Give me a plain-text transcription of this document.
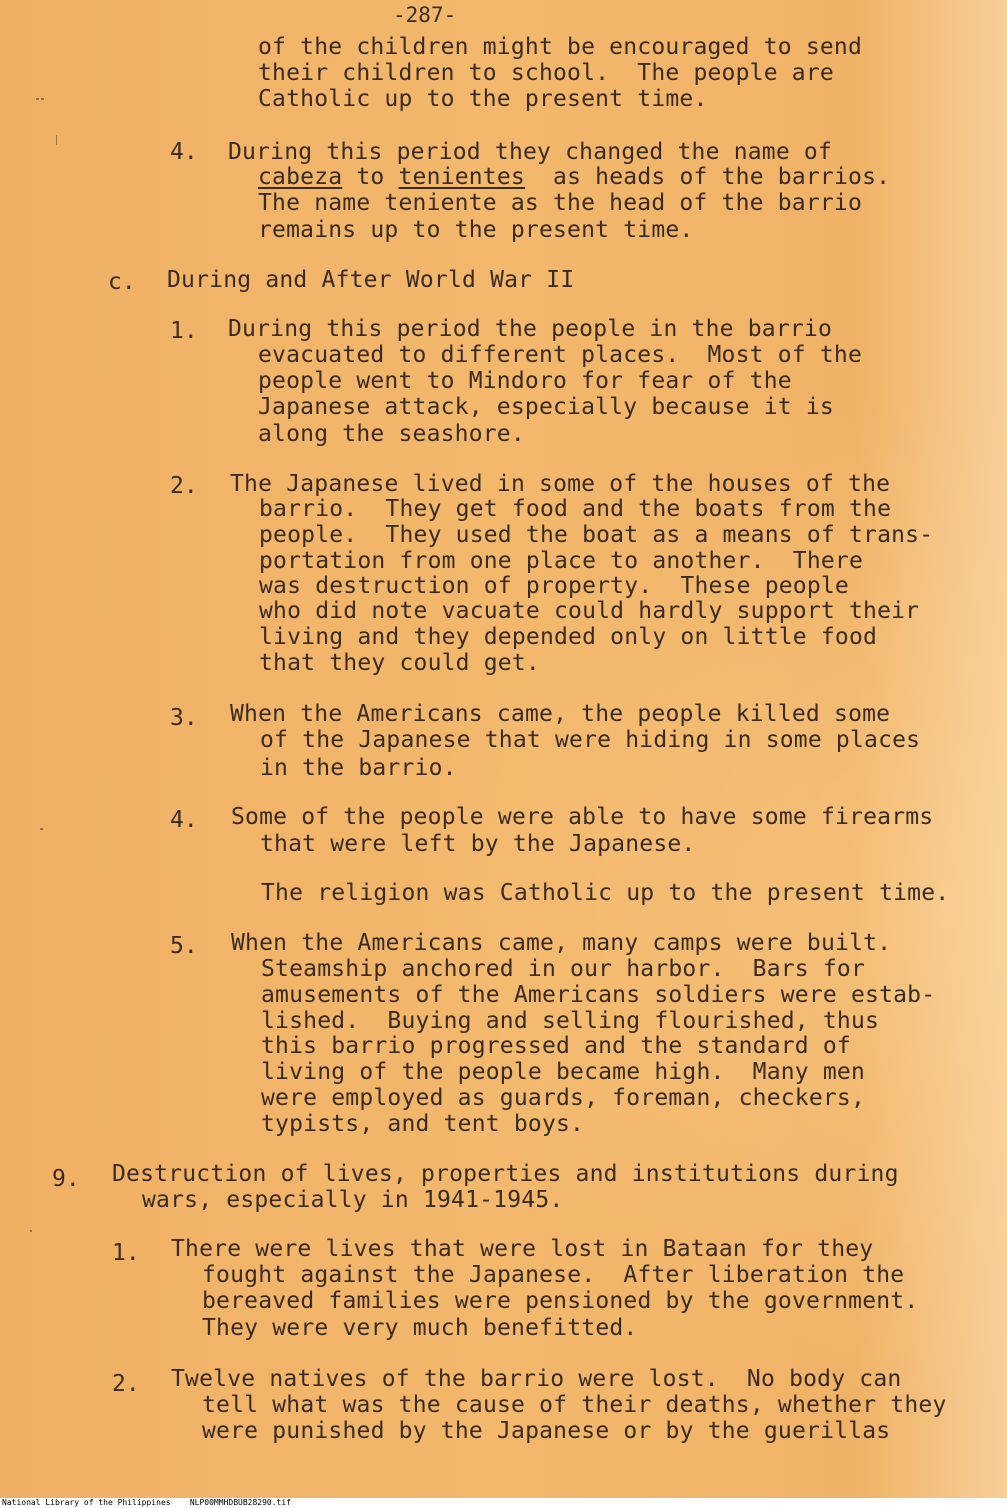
-287-
of the children might be encouraged to send
their children to school.  The people are
Catholic up to the present time.
4. During this period they changed the name of
cabeza to tenientes  as heads of the barrios.
The name teniente as the head of the barrio
remains up to the present time.
c. During and After World War II
1. During this period the people in the barrio
evacuated to different places.  Most of the
people went to Mindoro for fear of the
Japanese attack, especially because it is
along the seashore.
2. The Japanese lived in some of the houses of the
barrio.  They get food and the boats from the
people.  They used the boat as a means of trans-
portation from one place to another.  There
was destruction of property.  These people
who did note vacuate could hardly support their
living and they depended only on little food
that they could get.
3. When the Americans came, the people killed some
of the Japanese that were hiding in some places
in the barrio.
4. Some of the people were able to have some firearms
that were left by the Japanese.
The religion was Catholic up to the present time.
5. When the Americans came, many camps were built.
Steamship anchored in our harbor.  Bars for
amusements of the Americans soldiers were estab-
lished.  Buying and selling flourished, thus
this barrio progressed and the standard of
living of the people became high.  Many men
were employed as guards, foreman, checkers,
typists, and tent boys.
9. Destruction of lives, properties and institutions during
wars, especially in 1941-1945.
1. There were lives that were lost in Bataan for they
fought against the Japanese.  After liberation the
bereaved families were pensioned by the government.
They were very much benefitted.
2. Twelve natives of the barrio were lost.  No body can
tell what was the cause of their deaths, whether they
were punished by the Japanese or by the guerillas
National Library of the Philippines NLP00MMHDBUB28290.tif
